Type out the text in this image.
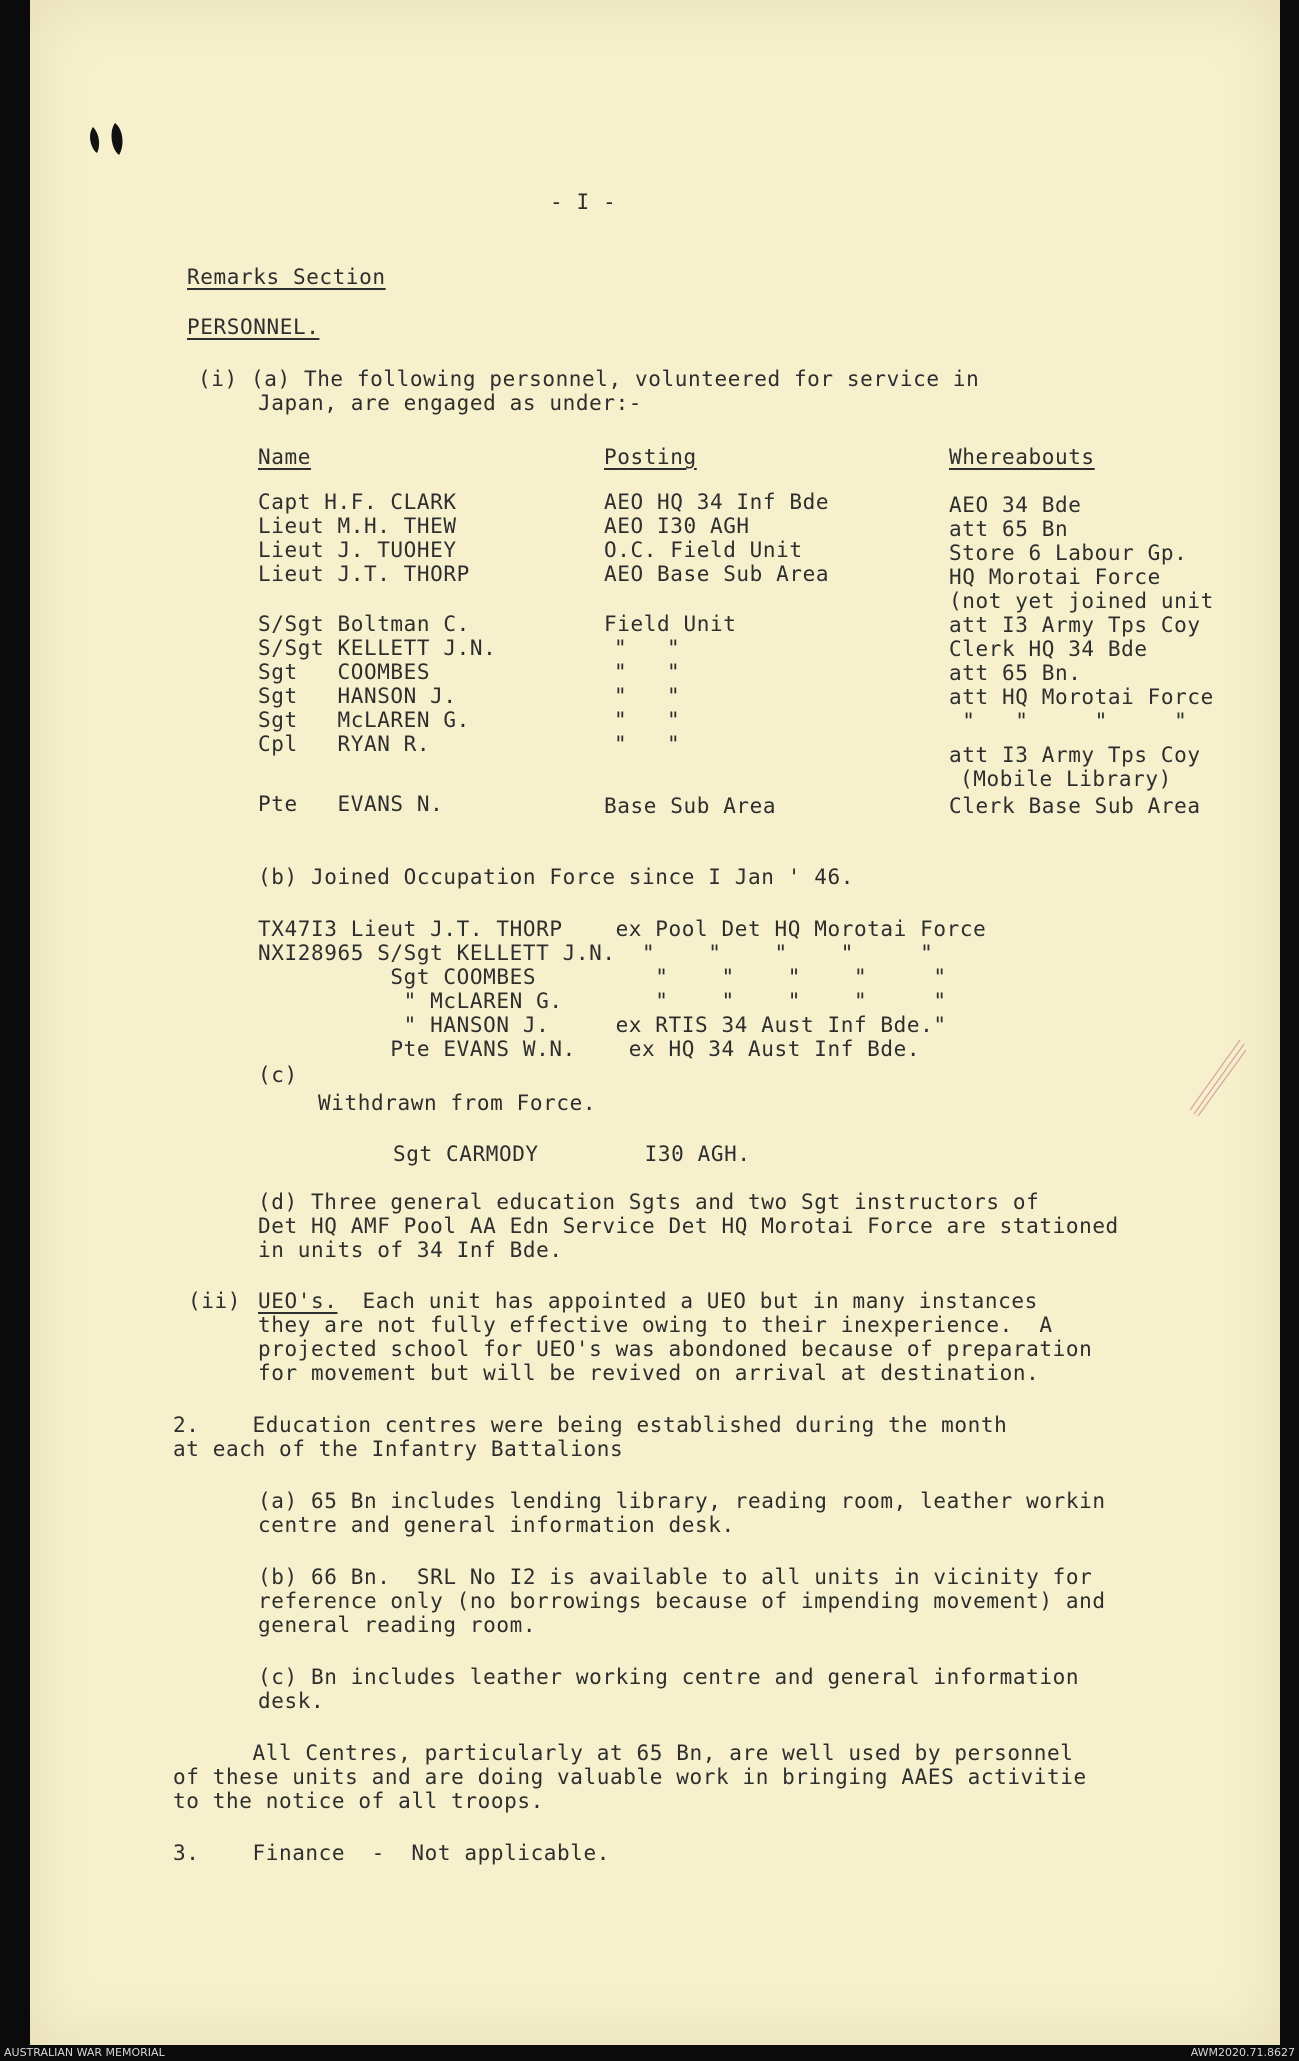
- I -
Remarks Section
PERSONNEL.
(i) (a) The following personnel, volunteered for service in
Japan, are engaged as under:-
Name	Posting	Whereabouts
Capt H.F. CLARK	AEO HQ 34 Inf Bde	AEO 34 Bde
Lieut M.H. THEW	AEO I30 AGH	att 65 Bn
Lieut J. TUOHEY	O.C. Field Unit	Store 6 Labour Gp.
Lieut J.T. THORP	AEO Base Sub Area	HQ Morotai Force
(not yet joined unit
S/Sgt Boltman C.	Field Unit	att I3 Army Tps Coy
S/Sgt KELLETT J.N.	"   "	Clerk HQ 34 Bde
Sgt   COOMBES	"   "	att 65 Bn.
Sgt   HANSON J.	"   "	att HQ Morotai Force
Sgt   McLAREN G.	"   "	"   "     "     "
Cpl   RYAN R.	"   "	att I3 Army Tps Coy
(Mobile Library)
Pte   EVANS N.	Base Sub Area	Clerk Base Sub Area
(b) Joined Occupation Force since I Jan ' 46.
TX47I3 Lieut J.T. THORP    ex Pool Det HQ Morotai Force
NXI28965 S/Sgt KELLETT J.N.  "    "    "    "     "
Sgt COOMBES         "    "    "    "     "
" McLAREN G.       "    "    "    "     "
" HANSON J.     ex RTIS 34 Aust Inf Bde."
Pte EVANS W.N.    ex HQ 34 Aust Inf Bde.
(c)
Withdrawn from Force.
Sgt CARMODY        I30 AGH.
(d) Three general education Sgts and two Sgt instructors of
Det HQ AMF Pool AA Edn Service Det HQ Morotai Force are stationed
in units of 34 Inf Bde.
(ii) UEO's.
Each unit has appointed a UEO but in many instances
they are not fully effective owing to their inexperience.  A
projected school for UEO's was abondoned because of preparation
for movement but will be revived on arrival at destination.
2.    Education centres were being established during the month
at each of the Infantry Battalions
(a) 65 Bn includes lending library, reading room, leather workin
centre and general information desk.
(b) 66 Bn.  SRL No I2 is available to all units in vicinity for
reference only (no borrowings because of impending movement) and
general reading room.
(c) Bn includes leather working centre and general information
desk.
All Centres, particularly at 65 Bn, are well used by personnel
of these units and are doing valuable work in bringing AAES activitie
to the notice of all troops.
3.    Finance  -  Not applicable.
AUSTRALIAN WAR MEMORIAL	AWM2020.71.8627
